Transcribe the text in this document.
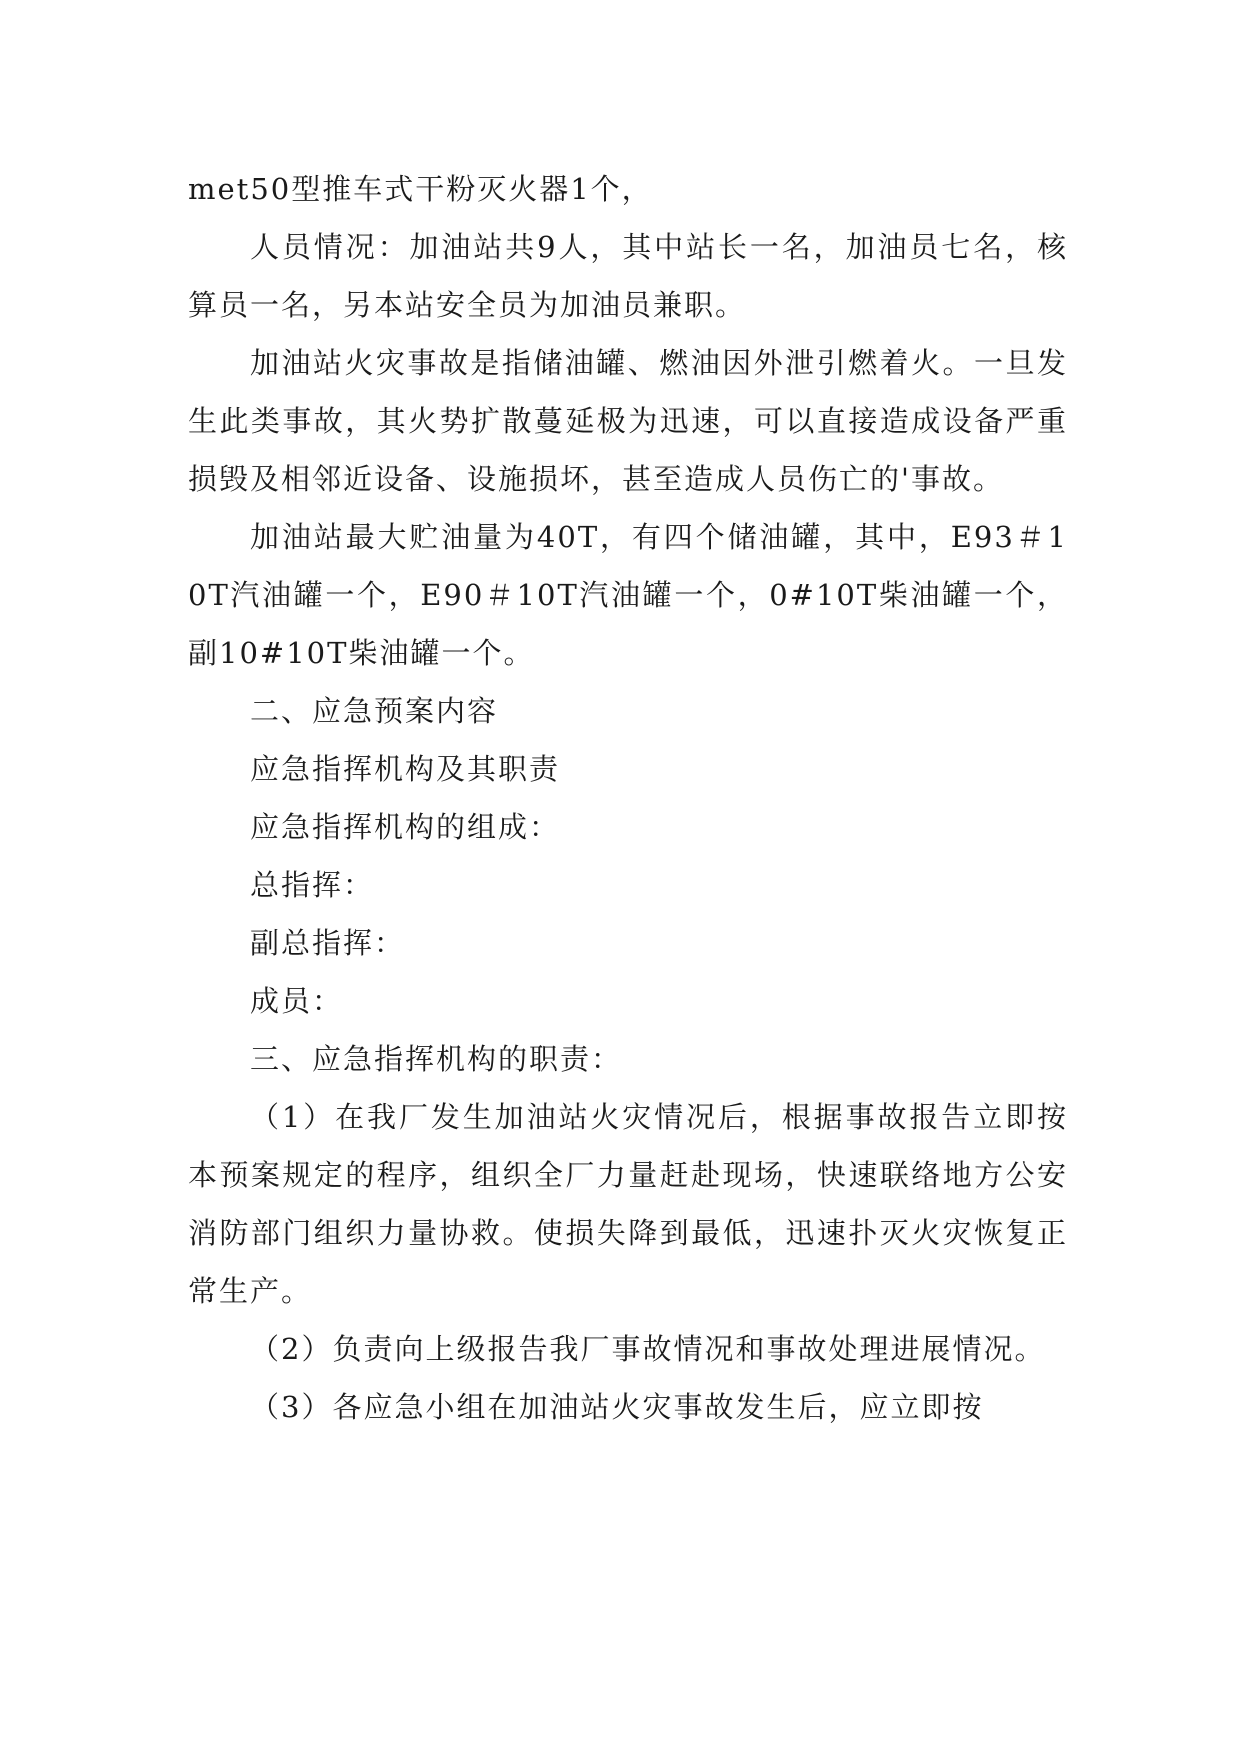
met50型推车式干粉灭火器1个，

人员情况：加油站共9人，其中站长一名，加油员七名，核算员一名，另本站安全员为加油员兼职。

加油站火灾事故是指储油罐、燃油因外泄引燃着火。一旦发生此类事故，其火势扩散蔓延极为迅速，可以直接造成设备严重损毁及相邻近设备、设施损坏，甚至造成人员伤亡的'事故。

加油站最大贮油量为40T，有四个储油罐，其中，E93＃10T汽油罐一个，E90＃10T汽油罐一个，0#10T柴油罐一个，副10#10T柴油罐一个。

二、应急预案内容

应急指挥机构及其职责

应急指挥机构的组成：

总指挥：

副总指挥：

成员：

三、应急指挥机构的职责：

（1）在我厂发生加油站火灾情况后，根据事故报告立即按本预案规定的程序，组织全厂力量赶赴现场，快速联络地方公安消防部门组织力量协救。使损失降到最低，迅速扑灭火灾恢复正常生产。

（2）负责向上级报告我厂事故情况和事故处理进展情况。

（3）各应急小组在加油站火灾事故发生后，应立即按
